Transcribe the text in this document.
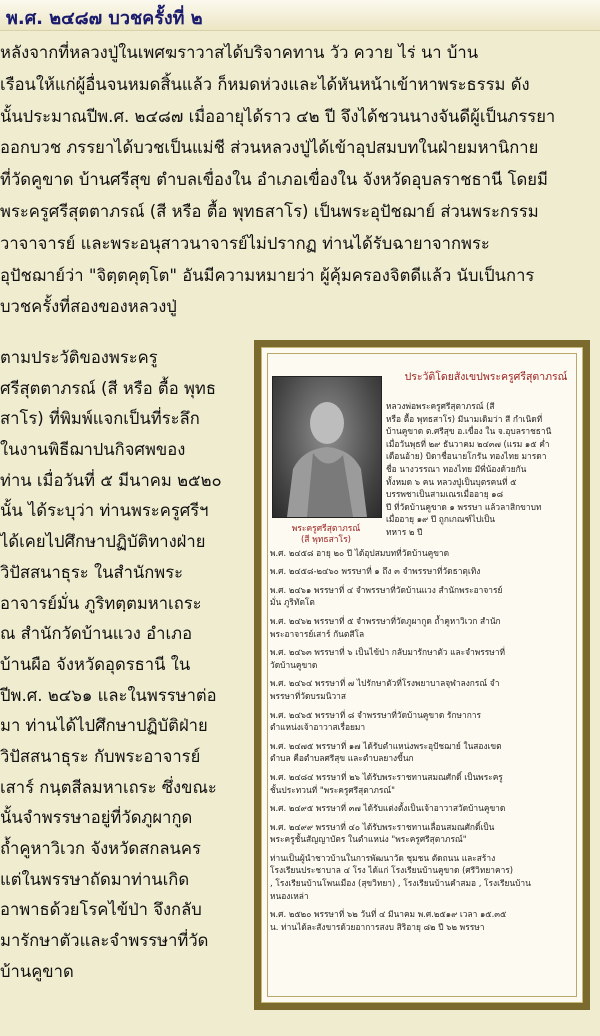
พ.ศ. ๒๔๘๗ บวชครั้งที่ ๒
หลังจากที่หลวงปู่ในเพศฆราวาสได้บริจาคทาน วัว ควาย ไร่ นา บ้าน
เรือนให้แก่ผู้อื่นจนหมดสิ้นแล้ว ก็หมดห่วงและได้หันหน้าเข้าหาพระธรรม ดัง
นั้นประมาณปีพ.ศ. ๒๔๘๗ เมื่ออายุได้ราว ๔๒ ปี จึงได้ชวนนางจันดีผู้เป็นภรรยา
ออกบวช ภรรยาได้บวชเป็นแม่ชี ส่วนหลวงปู่ได้เข้าอุปสมบทในฝ่ายมหานิกาย
ที่วัดคูขาด บ้านศรีสุข ตำบลเขื่องใน อำเภอเขื่องใน จังหวัดอุบลราชธานี โดยมี
พระครูศรีสุตตาภรณ์ (สี หรือ ตื้อ พุทธสาโร) เป็นพระอุปัชฌาย์ ส่วนพระกรรม
วาจาจารย์ และพระอนุสาวนาจารย์ไม่ปรากฏ ท่านได้รับฉายาจากพระ
อุปัชฌาย์ว่า "จิตฺตคุตฺโต" อันมีความหมายว่า ผู้คุ้มครองจิตดีแล้ว นับเป็นการ
บวชครั้งที่สองของหลวงปู่
ตามประวัติของพระครู
ศรีสุตตาภรณ์ (สี หรือ ตื้อ พุทธ
สาโร) ที่พิมพ์แจกเป็นที่ระลึก
ในงานพิธีฌาปนกิจศพของ
ท่าน เมื่อวันที่ ๕ มีนาคม ๒๕๒๐
นั้น ได้ระบุว่า ท่านพระครูศรีฯ
ได้เคยไปศึกษาปฏิบัติทางฝ่าย
วิปัสสนาธุระ ในสำนักพระ
อาจารย์มั่น ภูริทตฺตมหาเถระ
ณ สำนักวัดบ้านแวง อำเภอ
บ้านผือ จังหวัดอุดรธานี ใน
ปีพ.ศ. ๒๔๖๑ และในพรรษาต่อ
มา ท่านได้ไปศึกษาปฏิบัติฝ่าย
วิปัสสนาธุระ กับพระอาจารย์
เสาร์ กนฺตสีลมหาเถระ ซึ่งขณะ
นั้นจำพรรษาอยู่ที่วัดภูผากูด
ถ้ำคูหาวิเวก จังหวัดสกลนคร
แต่ในพรรษาถัดมาท่านเกิด
อาพาธด้วยโรคไข้ป่า จึงกลับ
มารักษาตัวและจำพรรษาที่วัด
บ้านคูขาด
ประวัติโดยสังเขปพระครูศรีสุตาภรณ์
พระครูศรีสุตาภรณ์
(สี พุทธสาโร)
หลวงพ่อพระครูศรีสุตาภรณ์ (สี
หรือ ตื้อ พุทธสาโร) มีนามเดิมว่า สี กำเนิดที่
บ้านคูขาด ต.ศรีสุข อ.เขื่อง ใน จ.อุบลราชธานี
เมื่อวันพุธที่ ๒๙ ธันวาคม ๒๔๓๗ (แรม ๑๕ ค่ำ
เดือนอ้าย) บิดาชื่อนายโกรัน ทองไทย มารดา
ชื่อ นางวรรณา ทองไทย มีพี่น้องด้วยกัน
ทั้งหมด ๖ คน หลวงปู่เป็นบุตรคนที่ ๕
บรรพชาเป็นสามเณรเมื่ออายุ ๑๘
ปี ที่วัดบ้านคูขาด ๑ พรรษา แล้วลาสิกขาบท
เมื่ออายุ ๑๙ ปี ถูกเกณฑ์ไปเป็น
ทหาร ๒ ปี
พ.ศ. ๒๔๕๘ อายุ ๒๐ ปี ได้อุปสมบทที่วัดบ้านคูขาด
พ.ศ. ๒๔๕๘-๒๔๖๐ พรรษาที่ ๑ ถึง ๓ จำพรรษาที่วัดธาตุเทิง
พ.ศ. ๒๔๖๑ พรรษาที่ ๔ จำพรรษาที่วัดบ้านแวง สำนักพระอาจารย์
มั่น ภูริทัตโต
พ.ศ. ๒๔๖๒ พรรษาที่ ๕ จำพรรษาที่วัดภูผากูด ถ้ำคูหาวิเวก สำนัก
พระอาจารย์เสาร์ กันตสีโล
พ.ศ. ๒๔๖๓ พรรษาที่ ๖ เป็นไข้ป่า กลับมารักษาตัว และจำพรรษาที่
วัดบ้านคูขาด
พ.ศ. ๒๔๖๔ พรรษาที่ ๗ ไปรักษาตัวที่โรงพยาบาลจุฬาลงกรณ์ จำ
พรรษาที่วัดบรมนิวาส
พ.ศ. ๒๔๖๕ พรรษาที่ ๘ จำพรรษาที่วัดบ้านคูขาด รักษาการ
ตำแหน่งเจ้าอาวาสเรื่อยมา
พ.ศ. ๒๔๗๕ พรรษาที่ ๑๗ ได้รับตำแหน่งพระอุปัชฌาย์ ในสองเขต
ตำบล คือตำบลศรีสุข และตำบลยางขี้นก
พ.ศ. ๒๔๘๔ พรรษาที่ ๒๖ ได้รับพระราชทานสมณศักดิ์ เป็นพระครู
ชั้นประทวนที่ "พระครูศรีสุตาภรณ์"
พ.ศ. ๒๔๙๕ พรรษาที่ ๓๗ ได้รับแต่งตั้งเป็นเจ้าอาวาสวัดบ้านคูขาด
พ.ศ. ๒๔๙๙ พรรษาที่ ๔๐ ได้รับพระราชทานเลื่อนสมณศักดิ์เป็น
พระครูชั้นสัญญาบัตร ในตำแหน่ง "พระครูศรีสุตาภรณ์"
ท่านเป็นผู้นำชาวบ้านในการพัฒนาวัด ชุมชน ตัดถนน และสร้าง
โรงเรียนประชาบาล ๔ โรง ได้แก่ โรงเรียนบ้านคูขาด (ศรีวิทยาคาร)
, โรงเรียนบ้านโพนเมือง (สุขวิทยา) , โรงเรียนบ้านคำสมอ , โรงเรียนบ้าน
หนองเหล่า
พ.ศ. ๒๕๒๐ พรรษาที่ ๖๒ วันที่ ๔ มีนาคม พ.ศ.๒๕๑๙ เวลา ๑๕.๓๕
น. ท่านได้ละสังขารด้วยอาการสงบ สิริอายุ ๘๒ ปี ๖๒ พรรษา
